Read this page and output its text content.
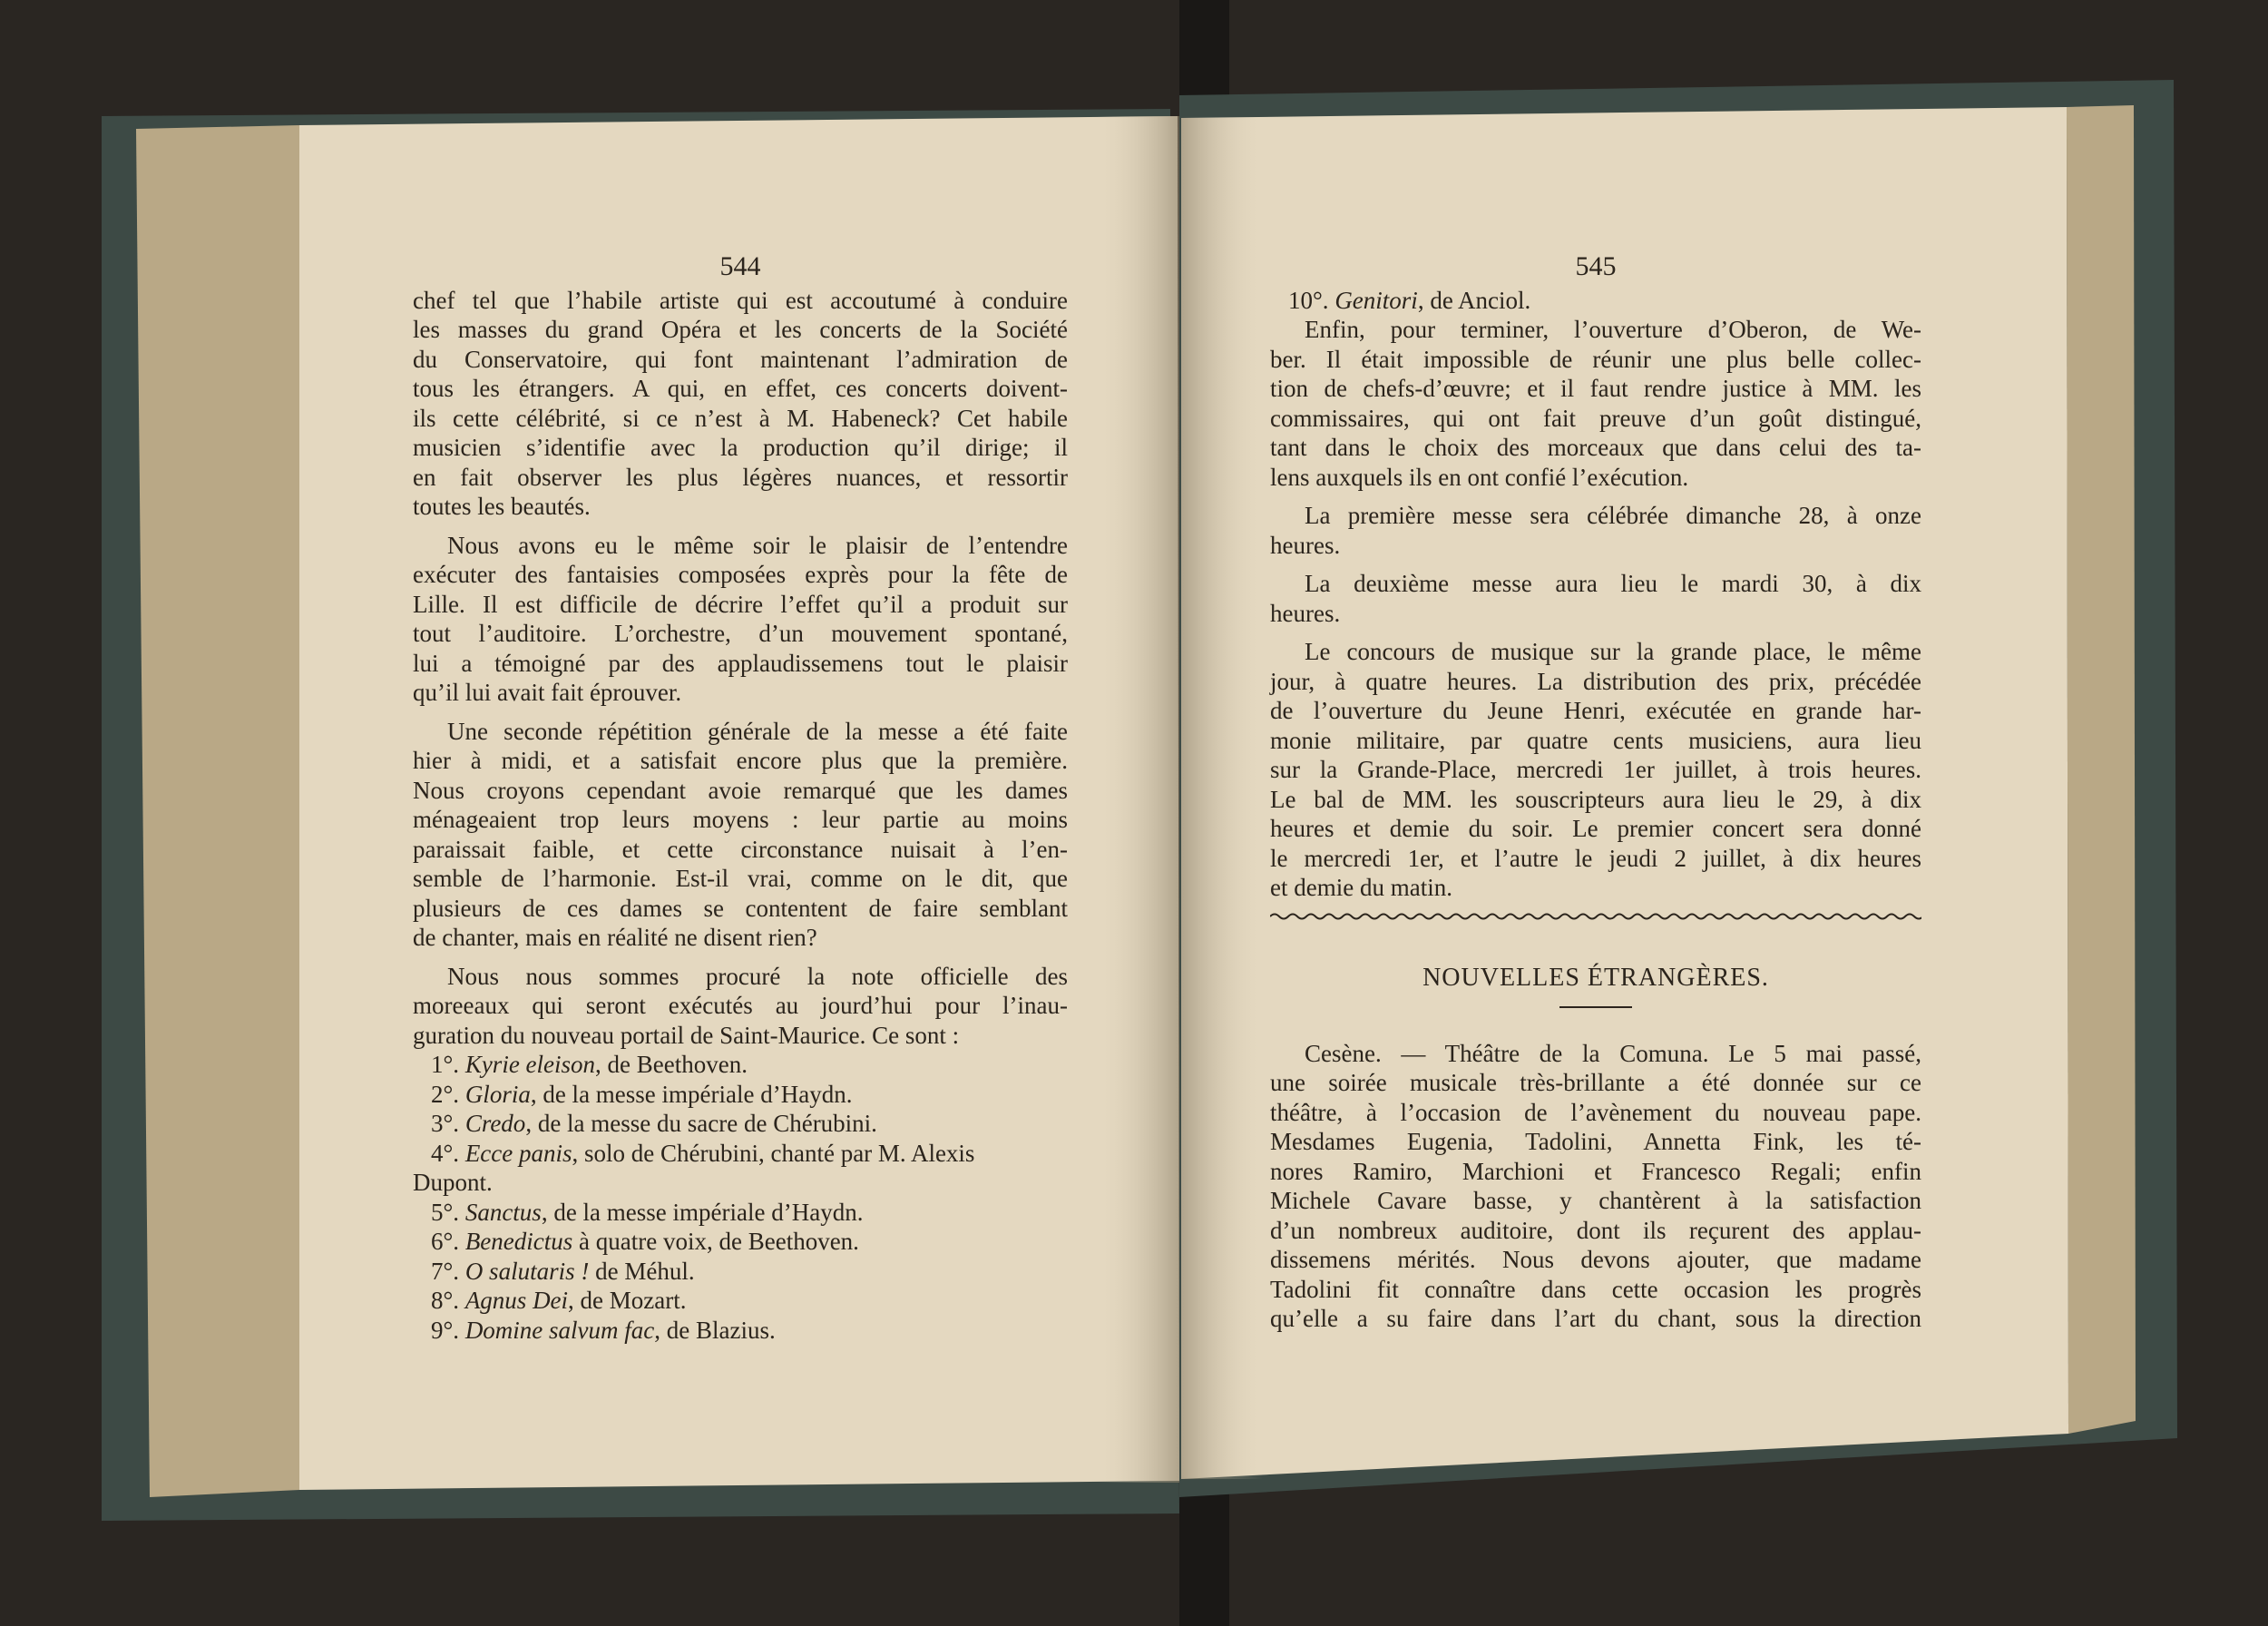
544
chef tel que l’habile artiste qui est accoutumé à conduire
les masses du grand Opéra et les concerts de la Société
du Conservatoire, qui font maintenant l’admiration de
tous les étrangers. A qui, en effet, ces concerts doivent-
ils cette célébrité, si ce n’est à M. Habeneck? Cet habile
musicien s’identifie avec la production qu’il dirige; il
en fait observer les plus légères nuances, et ressortir
toutes les beautés.
Nous avons eu le même soir le plaisir de l’entendre
exécuter des fantaisies composées exprès pour la fête de
Lille. Il est difficile de décrire l’effet qu’il a produit sur
tout l’auditoire. L’orchestre, d’un mouvement spontané,
lui a témoigné par des applaudissemens tout le plaisir
qu’il lui avait fait éprouver.
Une seconde répétition générale de la messe a été faite
hier à midi, et a satisfait encore plus que la première.
Nous croyons cependant avoie remarqué que les dames
ménageaient trop leurs moyens : leur partie au moins
paraissait faible, et cette circonstance nuisait à l’en-
semble de l’harmonie. Est-il vrai, comme on le dit, que
plusieurs de ces dames se contentent de faire semblant
de chanter, mais en réalité ne disent rien?
Nous nous sommes procuré la note officielle des
moreeaux qui seront exécutés au jourd’hui pour l’inau-
guration du nouveau portail de Saint-Maurice. Ce sont :
1°. Kyrie eleison, de Beethoven.
2°. Gloria, de la messe impériale d’Haydn.
3°. Credo, de la messe du sacre de Chérubini.
4°. Ecce panis, solo de Chérubini, chanté par M. Alexis
Dupont.
5°. Sanctus, de la messe impériale d’Haydn.
6°. Benedictus à quatre voix, de Beethoven.
7°. O salutaris ! de Méhul.
8°. Agnus Dei, de Mozart.
9°. Domine salvum fac, de Blazius.
545
10°. Genitori, de Anciol.
Enfin, pour terminer, l’ouverture d’Oberon, de We-
ber. Il était impossible de réunir une plus belle collec-
tion de chefs-d’œuvre; et il faut rendre justice à MM. les
commissaires, qui ont fait preuve d’un goût distingué,
tant dans le choix des morceaux que dans celui des ta-
lens auxquels ils en ont confié l’exécution.
La première messe sera célébrée dimanche 28, à onze
heures.
La deuxième messe aura lieu le mardi 30, à dix
heures.
Le concours de musique sur la grande place, le même
jour, à quatre heures. La distribution des prix, précédée
de l’ouverture du Jeune Henri, exécutée en grande har-
monie militaire, par quatre cents musiciens, aura lieu
sur la Grande-Place, mercredi 1er juillet, à trois heures.
Le bal de MM. les souscripteurs aura lieu le 29, à dix
heures et demie du soir. Le premier concert sera donné
le mercredi 1er, et l’autre le jeudi 2 juillet, à dix heures
et demie du matin.
NOUVELLES ÉTRANGÈRES.
Cesène. — Théâtre de la Comuna. Le 5 mai passé,
une soirée musicale très-brillante a été donnée sur ce
théâtre, à l’occasion de l’avènement du nouveau pape.
Mesdames Eugenia, Tadolini, Annetta Fink, les té-
nores Ramiro, Marchioni et Francesco Regali; enfin
Michele Cavare basse, y chantèrent à la satisfaction
d’un nombreux auditoire, dont ils reçurent des applau-
dissemens mérités. Nous devons ajouter, que madame
Tadolini fit connaître dans cette occasion les progrès
qu’elle a su faire dans l’art du chant, sous la direction
